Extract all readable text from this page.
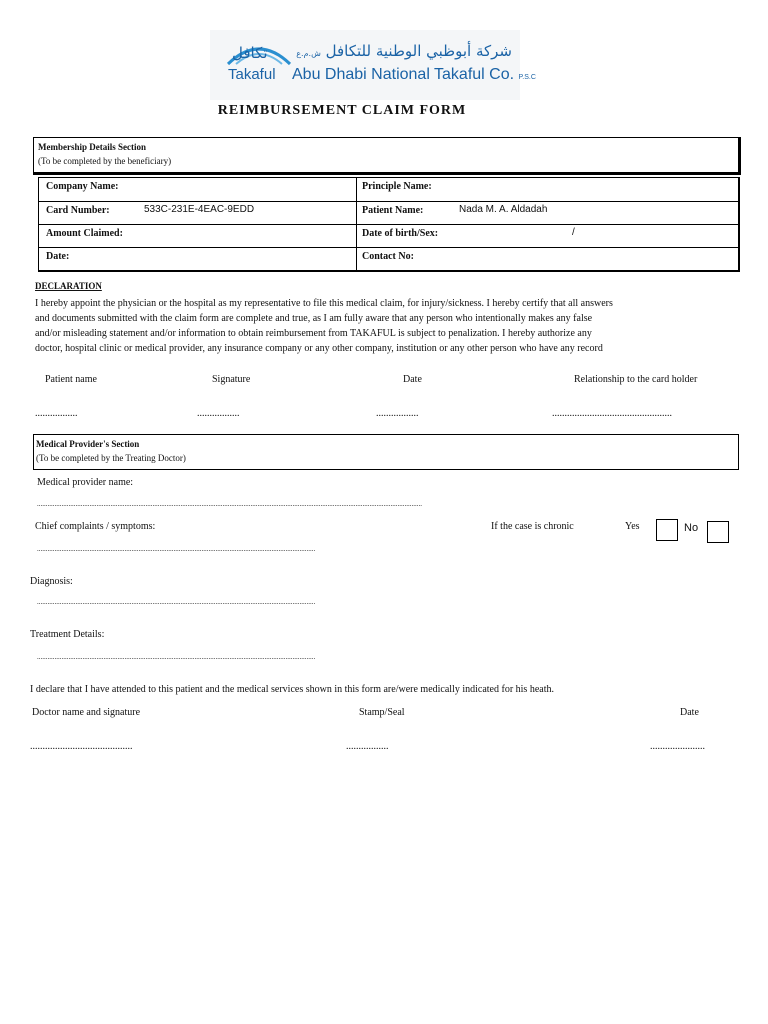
Takaful Abu Dhabi National Takaful Co. P.S.C
شركة أبوظبي الوطنية للتكافل ش.م.ع
تكافل
REIMBURSEMENT CLAIM FORM
Membership Details Section
(To be completed by the beneficiary)
Company Name:	Principle Name:
Card Number:	533C-231E-4EAC-9EDD	Patient Name:	Nada M. A. Aldadah
Amount Claimed:	Date of birth/Sex:	/
Date:	Contact No:
DECLARATION

I hereby appoint the physician or the hospital as my representative to file this medical claim, for injury/sickness. I hereby certify that all answers

and documents submitted with the claim form are complete and true, as I am fully aware that any person who intentionally makes any false

and/or misleading statement and/or information to obtain reimbursement from TAKAFUL is subject to penalization. I hereby authorize any

doctor, hospital clinic or medical provider, any insurance company or any other company, institution or any other person who have any record

Patient name	Signature	Date	Relationship to the card holder
.................	.................	.................	................................................
Medical Provider's Section
(To be completed by the Treating Doctor)
Medical provider name:
............................................................................................................................................................................................................................
Chief complaints / symptoms:	If the case is chronic	Yes	No
...............................................................................................................................................................
Diagnosis:
...............................................................................................................................................................
Treatment Details:
...............................................................................................................................................................
I declare that I have attended to this patient and the medical services shown in this form are/were medically indicated for his heath.
Doctor name and signature	Stamp/Seal	Date
.........................................	.................	......................
